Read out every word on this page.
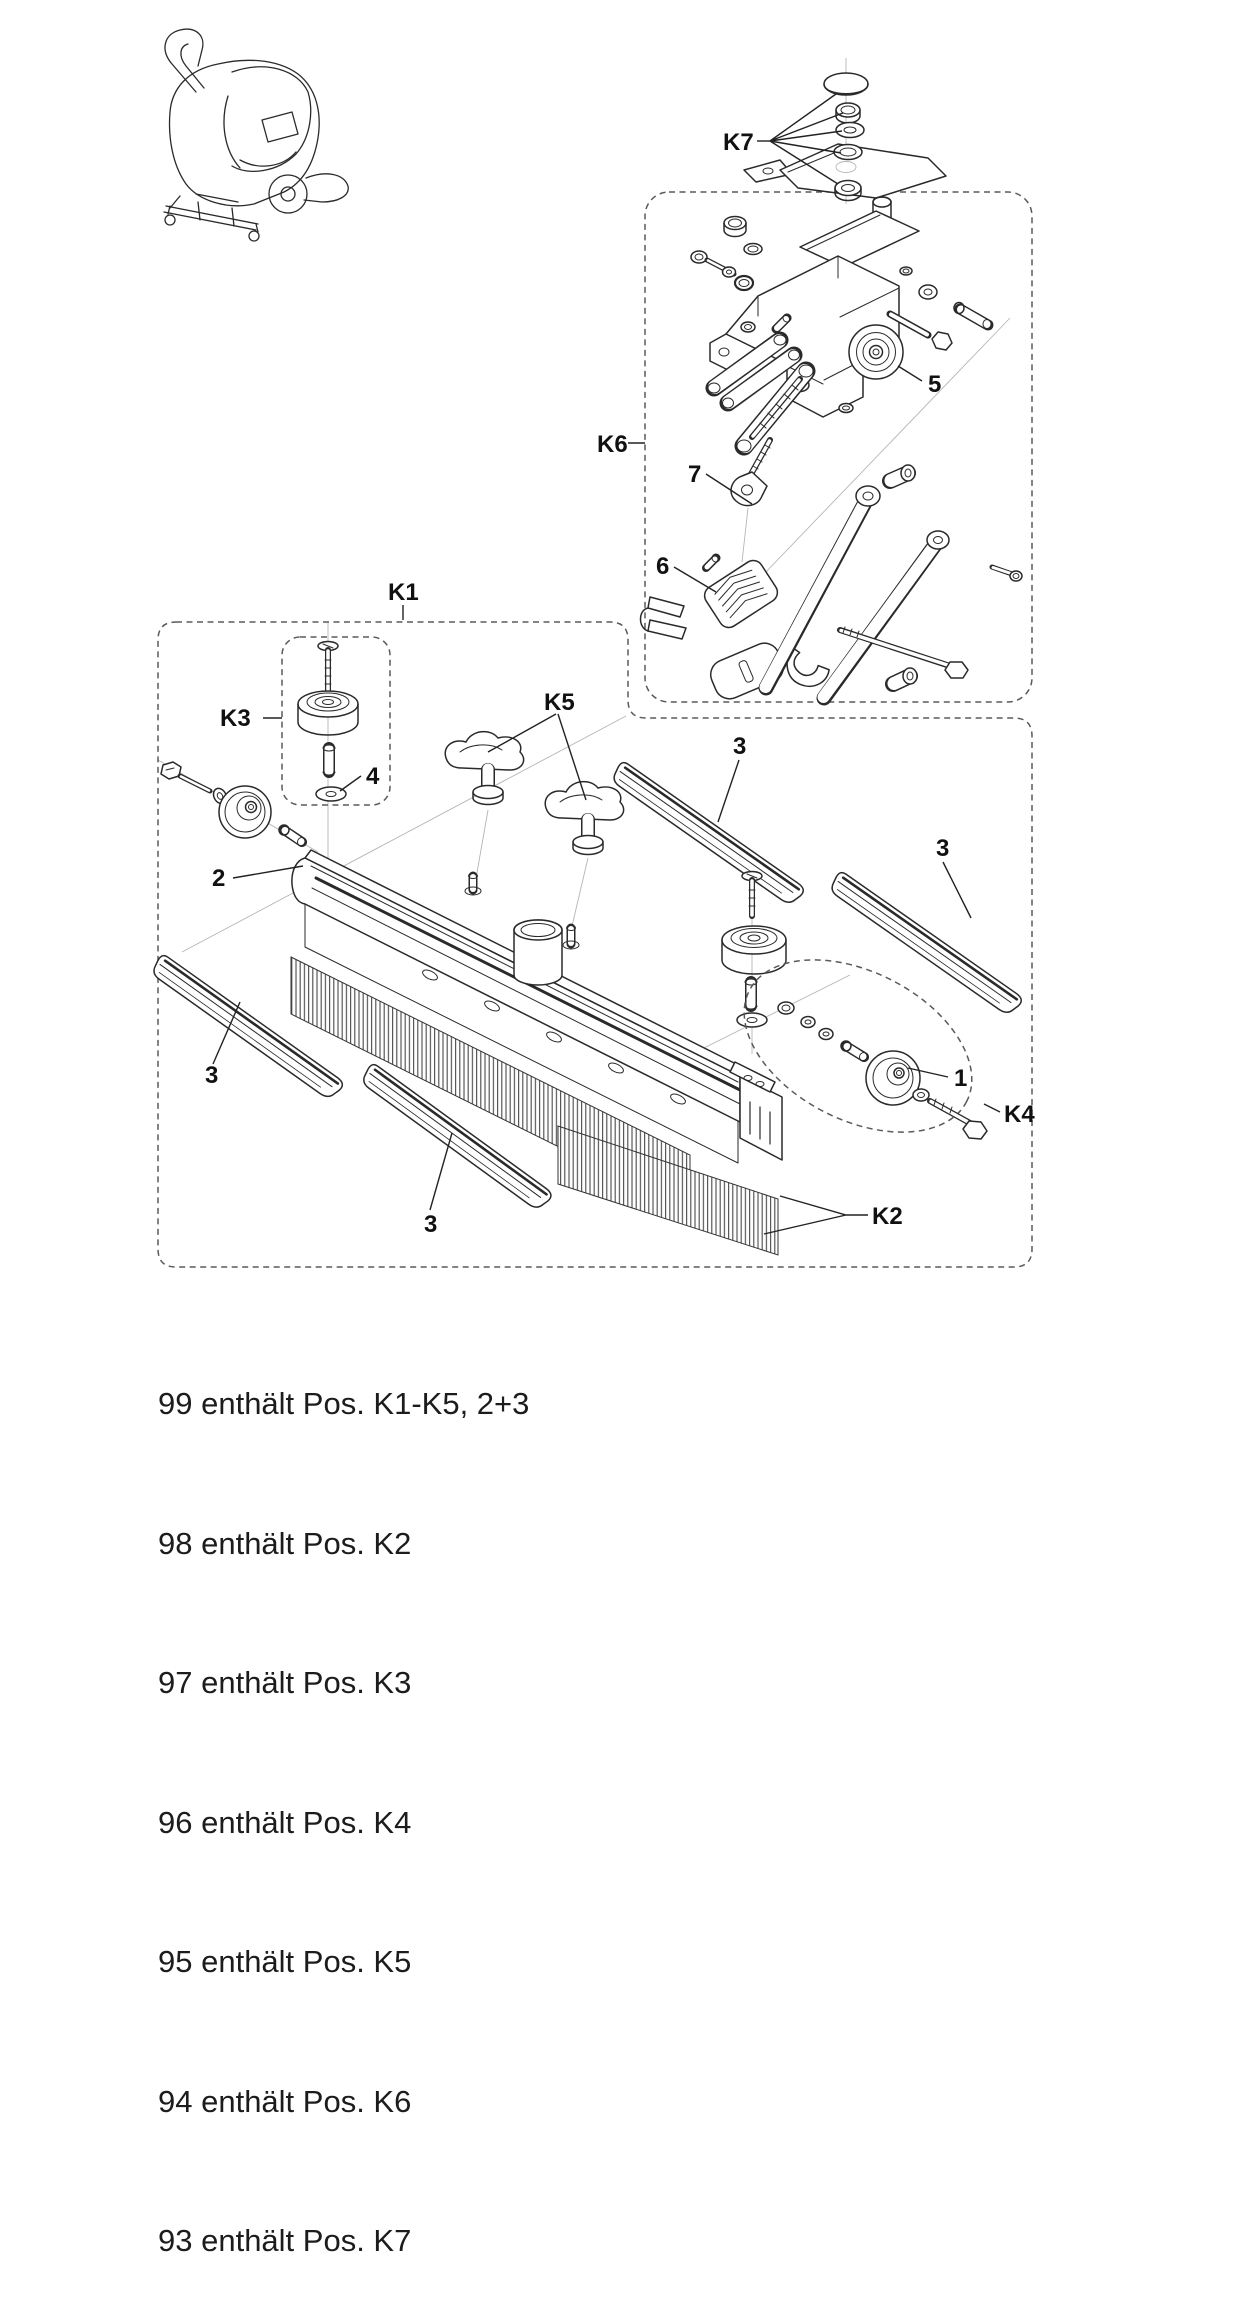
K7
K6
5
7
6
K1
K3
4
K5
3
3
3
3
2
1
K4
K2

99 enthält Pos. K1-K5, 2+3

98 enthält Pos. K2

97 enthält Pos. K3

96 enthält Pos. K4

95 enthält Pos. K5

94 enthält Pos. K6

93 enthält Pos. K7
